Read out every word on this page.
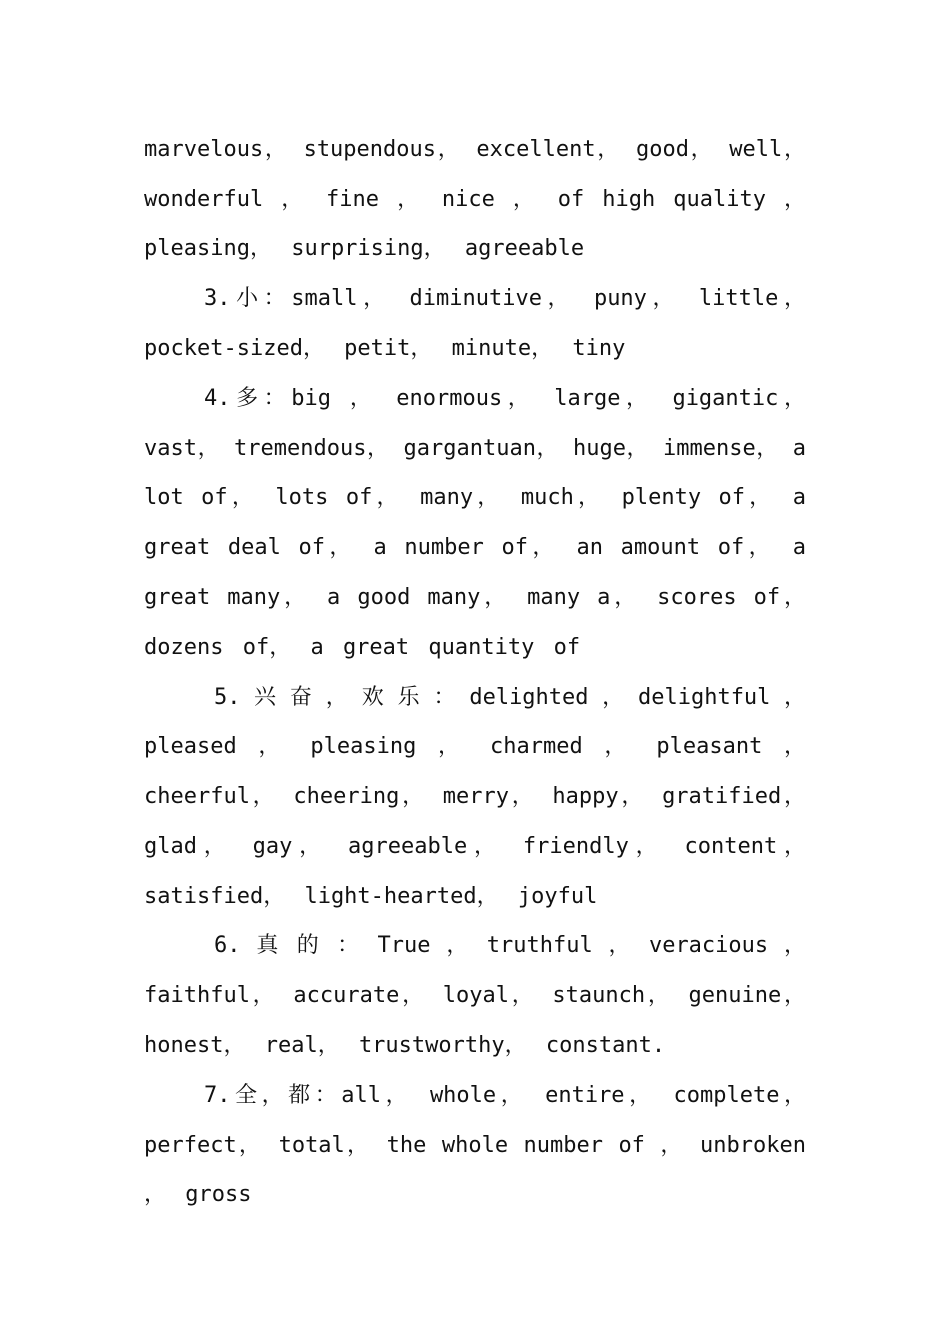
marvelous， stupendous， excellent， good， well，
wonderful ， fine ， nice ， of high quality ，
pleasing， surprising， agreeable
3.小：small， diminutive， puny， little，
pocket-sized， petit， minute， tiny
4.多：big ， enormous， large， gigantic，
vast， tremendous， gargantuan， huge， immense， a
lot of， lots of， many， much， plenty of， a
great deal of， a number of， an amount of， a
great many， a good many， many a， scores of，
dozens of， a great quantity of
5. 兴 奋 ， 欢 乐 ： delighted ， delightful ，
pleased ， pleasing ， charmed ， pleasant ，
cheerful， cheering， merry， happy， gratified，
glad， gay， agreeable， friendly， content，
satisfied， light-hearted， joyful
6. 真 的 ： True ， truthful ， veracious ，
faithful， accurate， loyal， staunch， genuine，
honest， real， trustworthy， constant.
7.全，都：all， whole， entire， complete，
perfect， total， the whole number of ， unbroken
， gross
